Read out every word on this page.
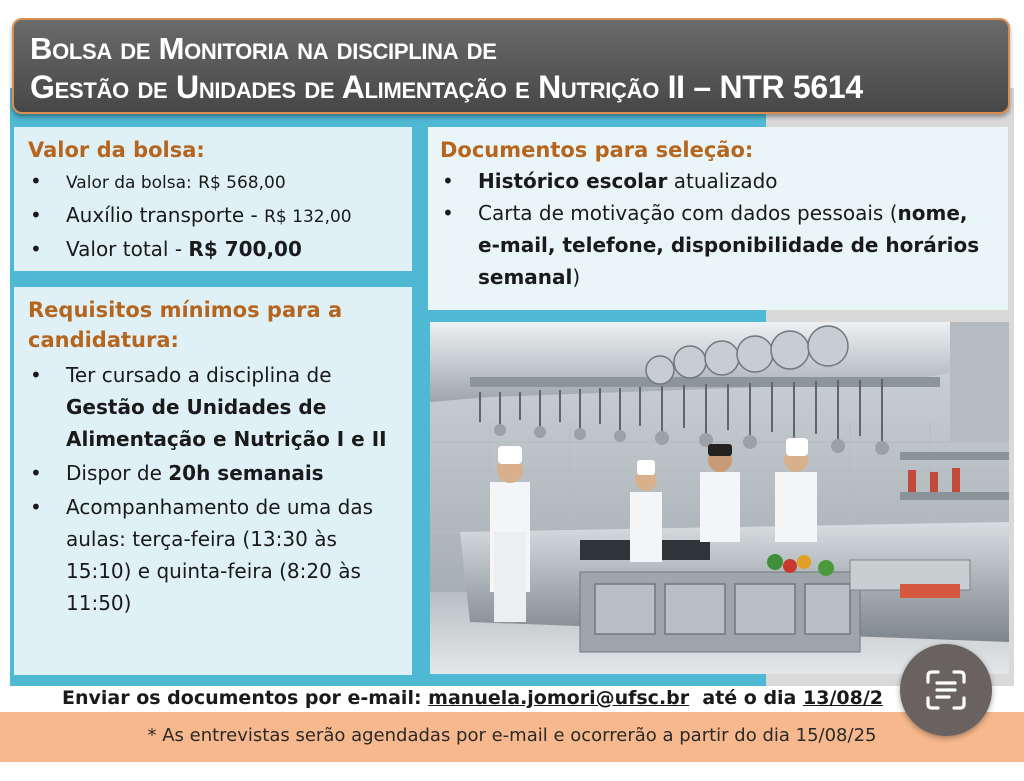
Bolsa de Monitoria na disciplina de
Gestão de Unidades de Alimentação e Nutrição II – NTR 5614
Valor da bolsa:
• Valor da bolsa: R$ 568,00
• Auxílio transporte - R$ 132,00
• Valor total - R$ 700,00
Requisitos mínimos para a candidatura:
• Ter cursado a disciplina de Gestão de Unidades de Alimentação e Nutrição I e II
• Dispor de 20h semanais
• Acompanhamento de uma das aulas: terça-feira (13:30 às 15:10) e quinta-feira (8:20 às 11:50)
Documentos para seleção:
• Histórico escolar atualizado
• Carta de motivação com dados pessoais (nome, e-mail, telefone, disponibilidade de horários semanal)
Enviar os documentos por e-mail: manuela.jomori@ufsc.br  até o dia 13/08/2
* As entrevistas serão agendadas por e-mail e ocorrerão a partir do dia 15/08/25
